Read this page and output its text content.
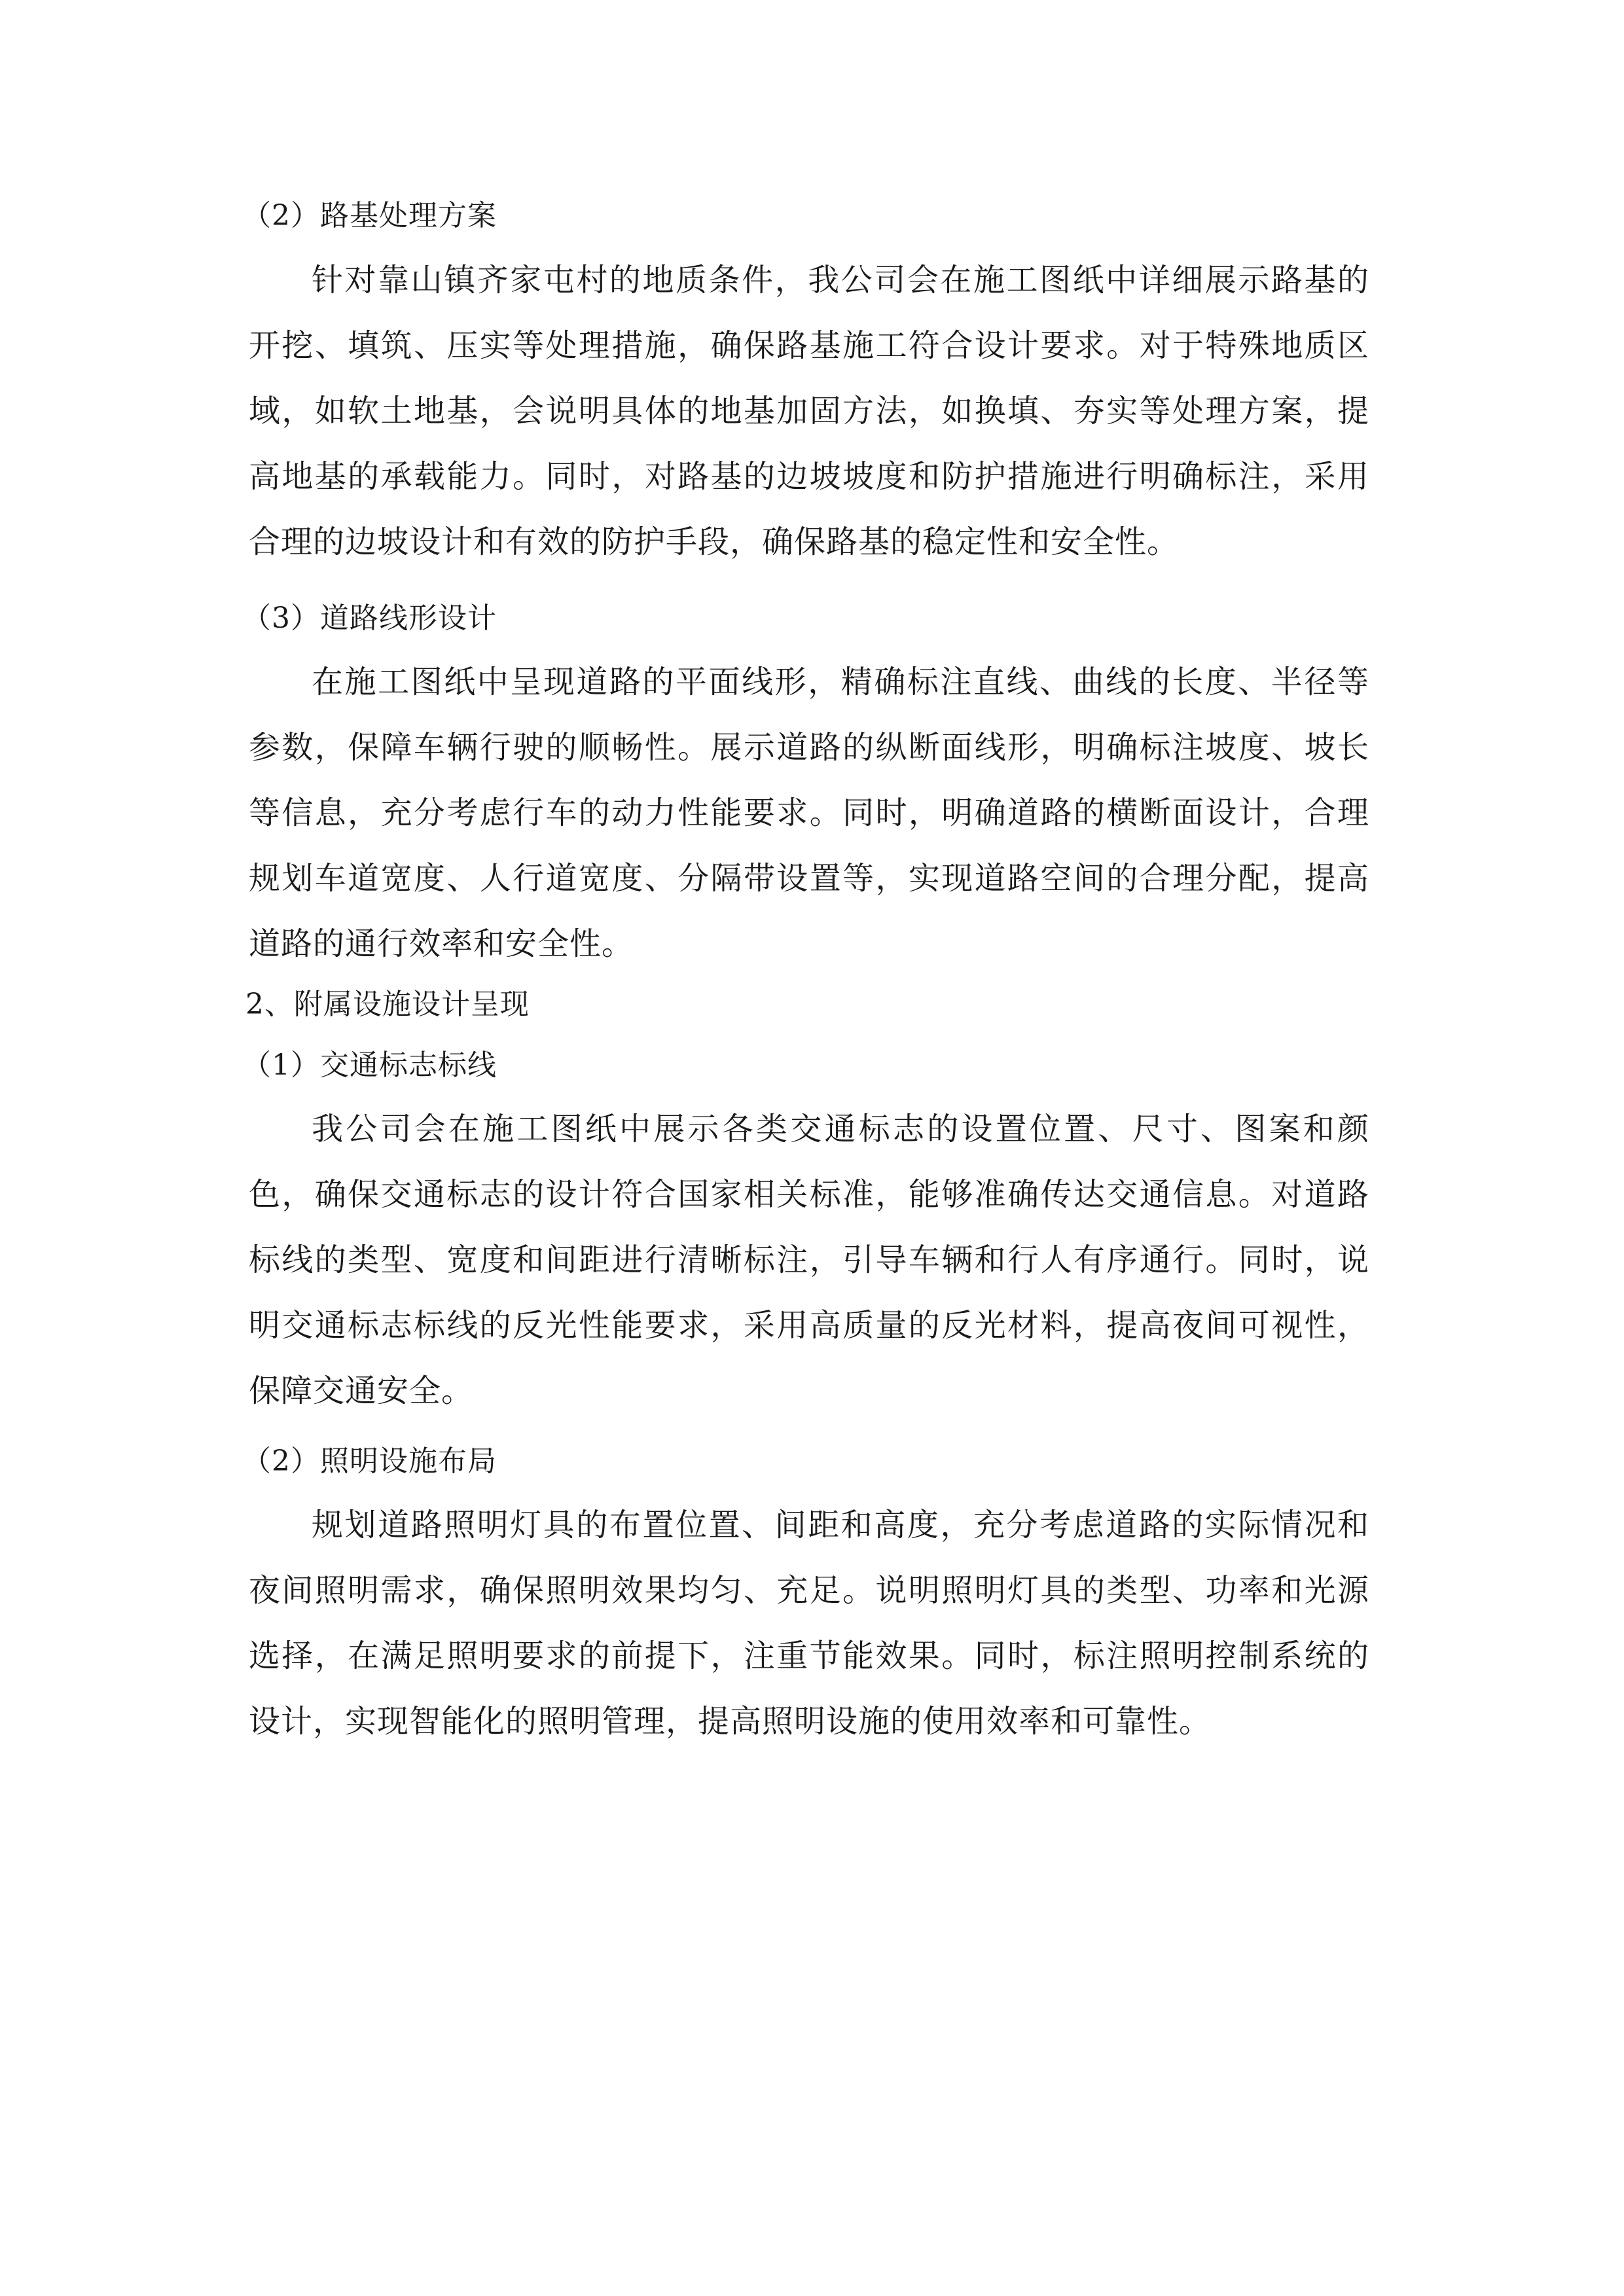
（2）路基处理方案
针对靠山镇齐家屯村的地质条件，我公司会在施工图纸中详细展示路基的开挖、填筑、压实等处理措施，确保路基施工符合设计要求。对于特殊地质区域，如软土地基，会说明具体的地基加固方法，如换填、夯实等处理方案，提高地基的承载能力。同时，对路基的边坡坡度和防护措施进行明确标注，采用合理的边坡设计和有效的防护手段，确保路基的稳定性和安全性。
（3）道路线形设计
在施工图纸中呈现道路的平面线形，精确标注直线、曲线的长度、半径等参数，保障车辆行驶的顺畅性。展示道路的纵断面线形，明确标注坡度、坡长等信息，充分考虑行车的动力性能要求。同时，明确道路的横断面设计，合理规划车道宽度、人行道宽度、分隔带设置等，实现道路空间的合理分配，提高道路的通行效率和安全性。
2、附属设施设计呈现
（1）交通标志标线
我公司会在施工图纸中展示各类交通标志的设置位置、尺寸、图案和颜色，确保交通标志的设计符合国家相关标准，能够准确传达交通信息。对道路标线的类型、宽度和间距进行清晰标注，引导车辆和行人有序通行。同时，说明交通标志标线的反光性能要求，采用高质量的反光材料，提高夜间可视性，保障交通安全。
（2）照明设施布局
规划道路照明灯具的布置位置、间距和高度，充分考虑道路的实际情况和夜间照明需求，确保照明效果均匀、充足。说明照明灯具的类型、功率和光源选择，在满足照明要求的前提下，注重节能效果。同时，标注照明控制系统的设计，实现智能化的照明管理，提高照明设施的使用效率和可靠性。
